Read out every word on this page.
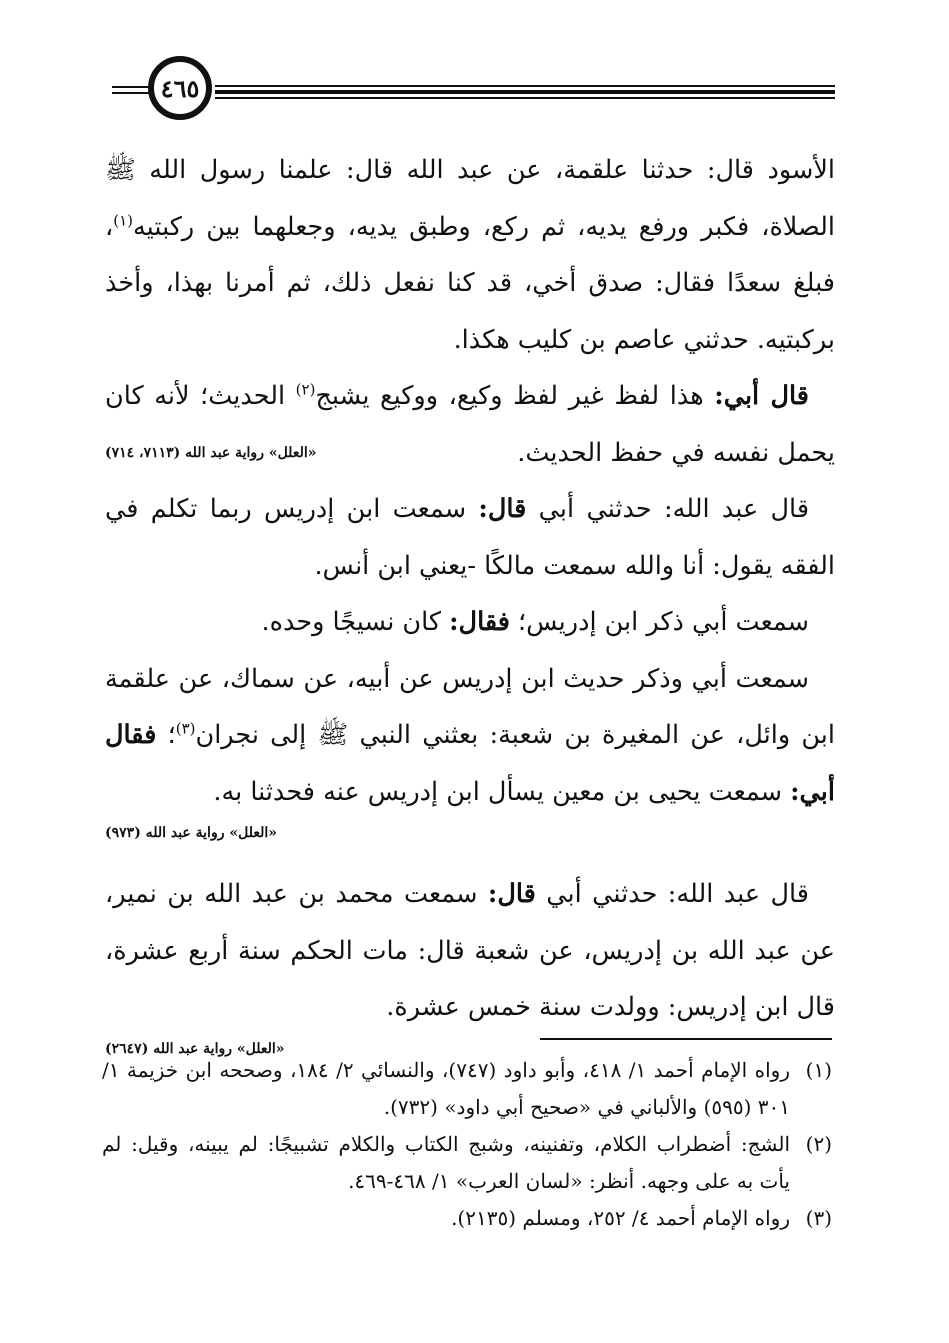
٤٦٥

الأسود قال: حدثنا علقمة، عن عبد الله قال: علمنا رسول الله ﷺ الصلاة، فكبر ورفع يديه، ثم ركع، وطبق يديه، وجعلهما بين ركبتيه$^{(١)}$، فبلغ سعدًا فقال: صدق أخي، قد كنا نفعل ذلك، ثم أمرنا بهذا، وأخذ بركبتيه. حدثني عاصم بن كليب هكذا.

قال أبي: هذا لفظ غير لفظ وكيع، ووكيع يشبج$^{(٢)}$ الحديث؛ لأنه كان يحمل نفسه في حفظ الحديث.
«العلل» رواية عبد الله (٧١١٣، ٧١٤)

قال عبد الله: حدثني أبي قال: سمعت ابن إدريس ربما تكلم في الفقه يقول: أنا والله سمعت مالكًا -يعني ابن أنس.

سمعت أبي ذكر ابن إدريس؛ فقال: كان نسيجًا وحده.

سمعت أبي وذكر حديث ابن إدريس عن أبيه، عن سماك، عن علقمة ابن وائل، عن المغيرة بن شعبة: بعثني النبي ﷺ إلى نجران$^{(٣)}$؛ فقال أبي: سمعت يحيى بن معين يسأل ابن إدريس عنه فحدثنا به.

«العلل» رواية عبد الله (٩٧٣)

قال عبد الله: حدثني أبي قال: سمعت محمد بن عبد الله بن نمير، عن عبد الله بن إدريس، عن شعبة قال: مات الحكم سنة أربع عشرة، قال ابن إدريس: وولدت سنة خمس عشرة.

«العلل» رواية عبد الله (٢٦٤٧)
(١)
رواه الإمام أحمد ١/ ٤١٨، وأبو داود (٧٤٧)، والنسائي ٢/ ١٨٤، وصححه ابن خزيمة ١/ ٣٠١ (٥٩٥) والألباني في «صحيح أبي داود» (٧٣٢).
(٢)
الشج: أضطراب الكلام، وتفنينه، وشبج الكتاب والكلام تشبيجًا: لم يبينه، وقيل: لم يأت به على وجهه. أنظر: «لسان العرب» ١/ ٤٦٨-٤٦٩.
(٣)
رواه الإمام أحمد ٤/ ٢٥٢، ومسلم (٢١٣٥).
